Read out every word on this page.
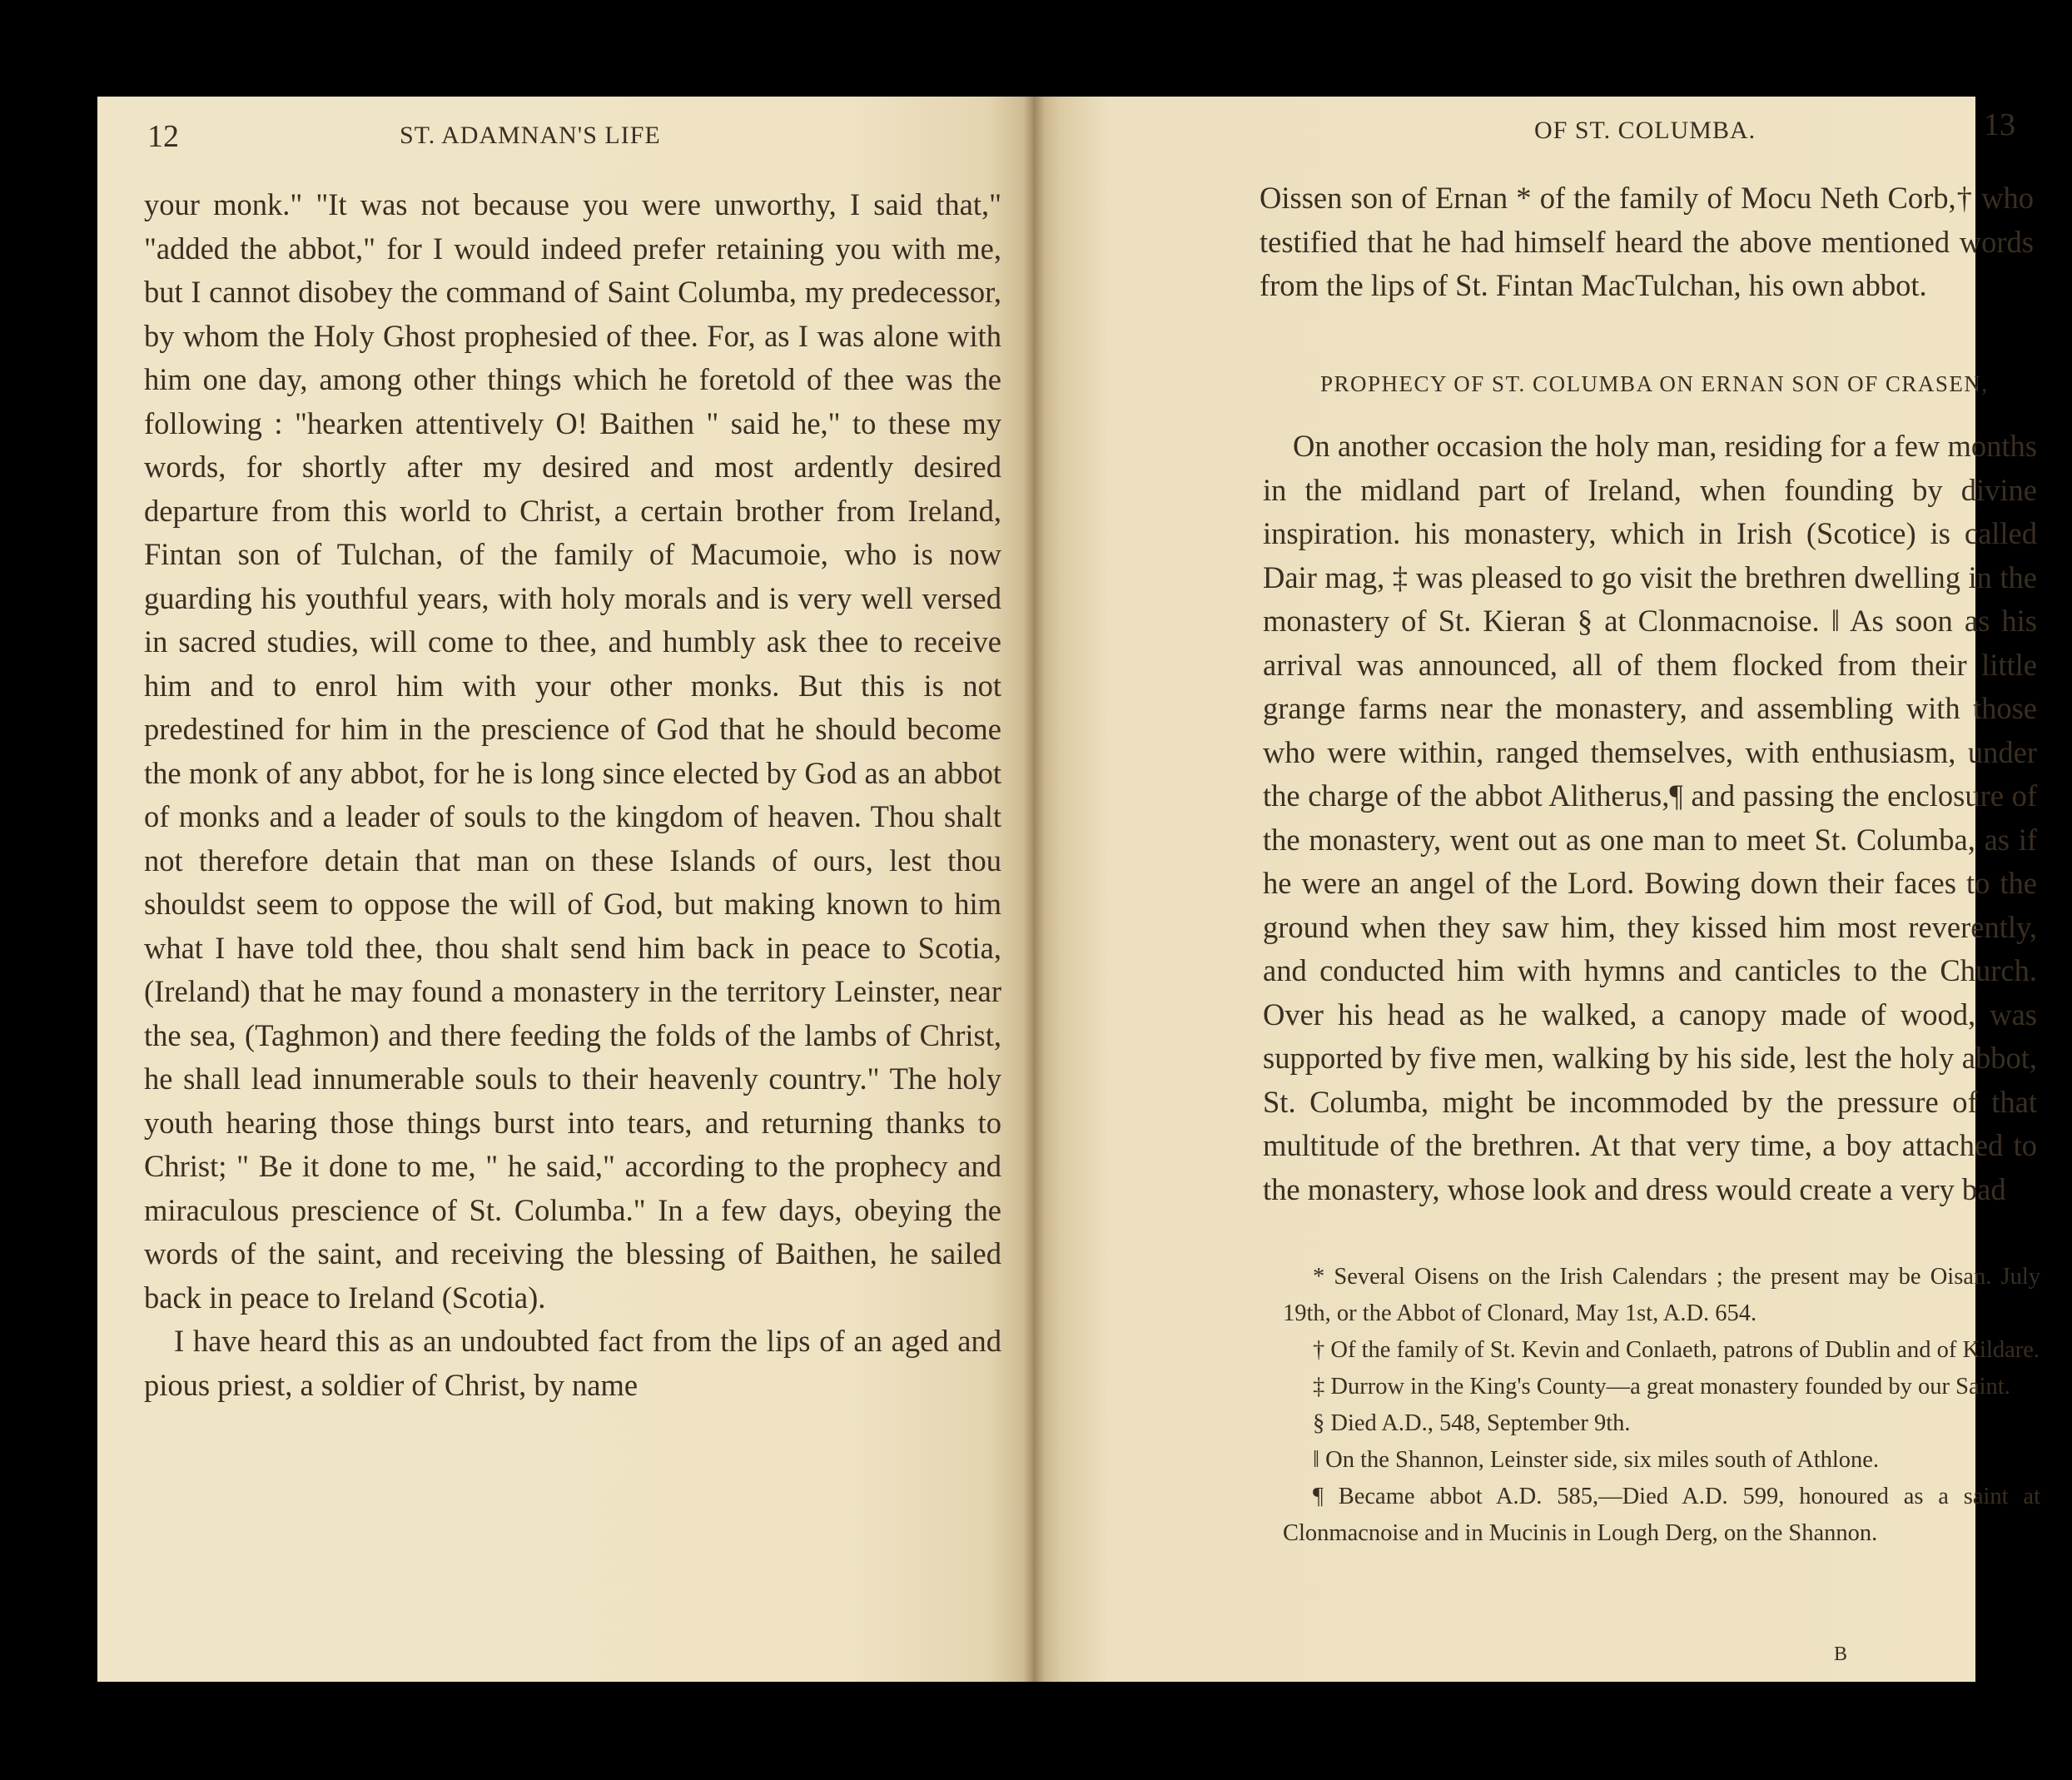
12	ST. ADAMNAN'S LIFE

your monk." "It was not because you were unworthy, I said that," "added the abbot," for I would indeed prefer retaining you with me, but I cannot disobey the command of Saint Columba, my predecessor, by whom the Holy Ghost prophesied of thee. For, as I was alone with him one day, among other things which he foretold of thee was the following : "hearken attentively O! Baithen " said he," to these my words, for shortly after my desired and most ardently desired departure from this world to Christ, a certain brother from Ireland, Fintan son of Tulchan, of the family of Macumoie, who is now guarding his youthful years, with holy morals and is very well versed in sacred studies, will come to thee, and humbly ask thee to receive him and to enrol him with your other monks. But this is not predestined for him in the prescience of God that he should become the monk of any abbot, for he is long since elected by God as an abbot of monks and a leader of souls to the kingdom of heaven. Thou shalt not therefore detain that man on these Islands of ours, lest thou shouldst seem to oppose the will of God, but making known to him what I have told thee, thou shalt send him back in peace to Scotia, (Ireland) that he may found a monastery in the territory Leinster, near the sea, (Taghmon) and there feeding the folds of the lambs of Christ, he shall lead innumerable souls to their heavenly country." The holy youth hearing those things burst into tears, and returning thanks to Christ; " Be it done to me, " he said," according to the prophecy and miraculous prescience of St. Columba." In a few days, obeying the words of the saint, and receiving the blessing of Baithen, he sailed back in peace to Ireland (Scotia).

I have heard this as an undoubted fact from the lips of an aged and pious priest, a soldier of Christ, by name

OF ST. COLUMBA.	13
Oissen son of Ernan * of the family of Mocu Neth Corb,† who testified that he had himself heard the above mentioned words from the lips of St. Fintan MacTulchan, his own abbot.
PROPHECY OF ST. COLUMBA ON ERNAN SON OF CRASEN,
On another occasion the holy man, residing for a few months in the midland part of Ireland, when founding by divine inspiration. his monastery, which in Irish (Scotice) is called Dair mag, ‡ was pleased to go visit the brethren dwelling in the monastery of St. Kieran § at Clonmacnoise. ‖ As soon as his arrival was announced, all of them flocked from their little grange farms near the monastery, and assembling with those who were within, ranged themselves, with enthusiasm, under the charge of the abbot Alitherus,¶ and passing the enclosure of the monastery, went out as one man to meet St. Columba, as if he were an angel of the Lord. Bowing down their faces to the ground when they saw him, they kissed him most reverently, and conducted him with hymns and canticles to the Church. Over his head as he walked, a canopy made of wood, was supported by five men, walking by his side, lest the holy abbot, St. Columba, might be incommoded by the pressure of that multitude of the brethren. At that very time, a boy attached to the monastery, whose look and dress would create a very bad

* Several Oisens on the Irish Calendars ; the present may be Oisan. July 19th, or the Abbot of Clonard, May 1st, A.D. 654.

† Of the family of St. Kevin and Conlaeth, patrons of Dublin and of Kildare.

‡ Durrow in the King's County—a great monastery founded by our Saint.

§ Died A.D., 548, September 9th.

‖ On the Shannon, Leinster side, six miles south of Athlone.

¶ Became abbot A.D. 585,—Died A.D. 599, honoured as a saint at Clonmacnoise and in Mucinis in Lough Derg, on the Shannon.

B
